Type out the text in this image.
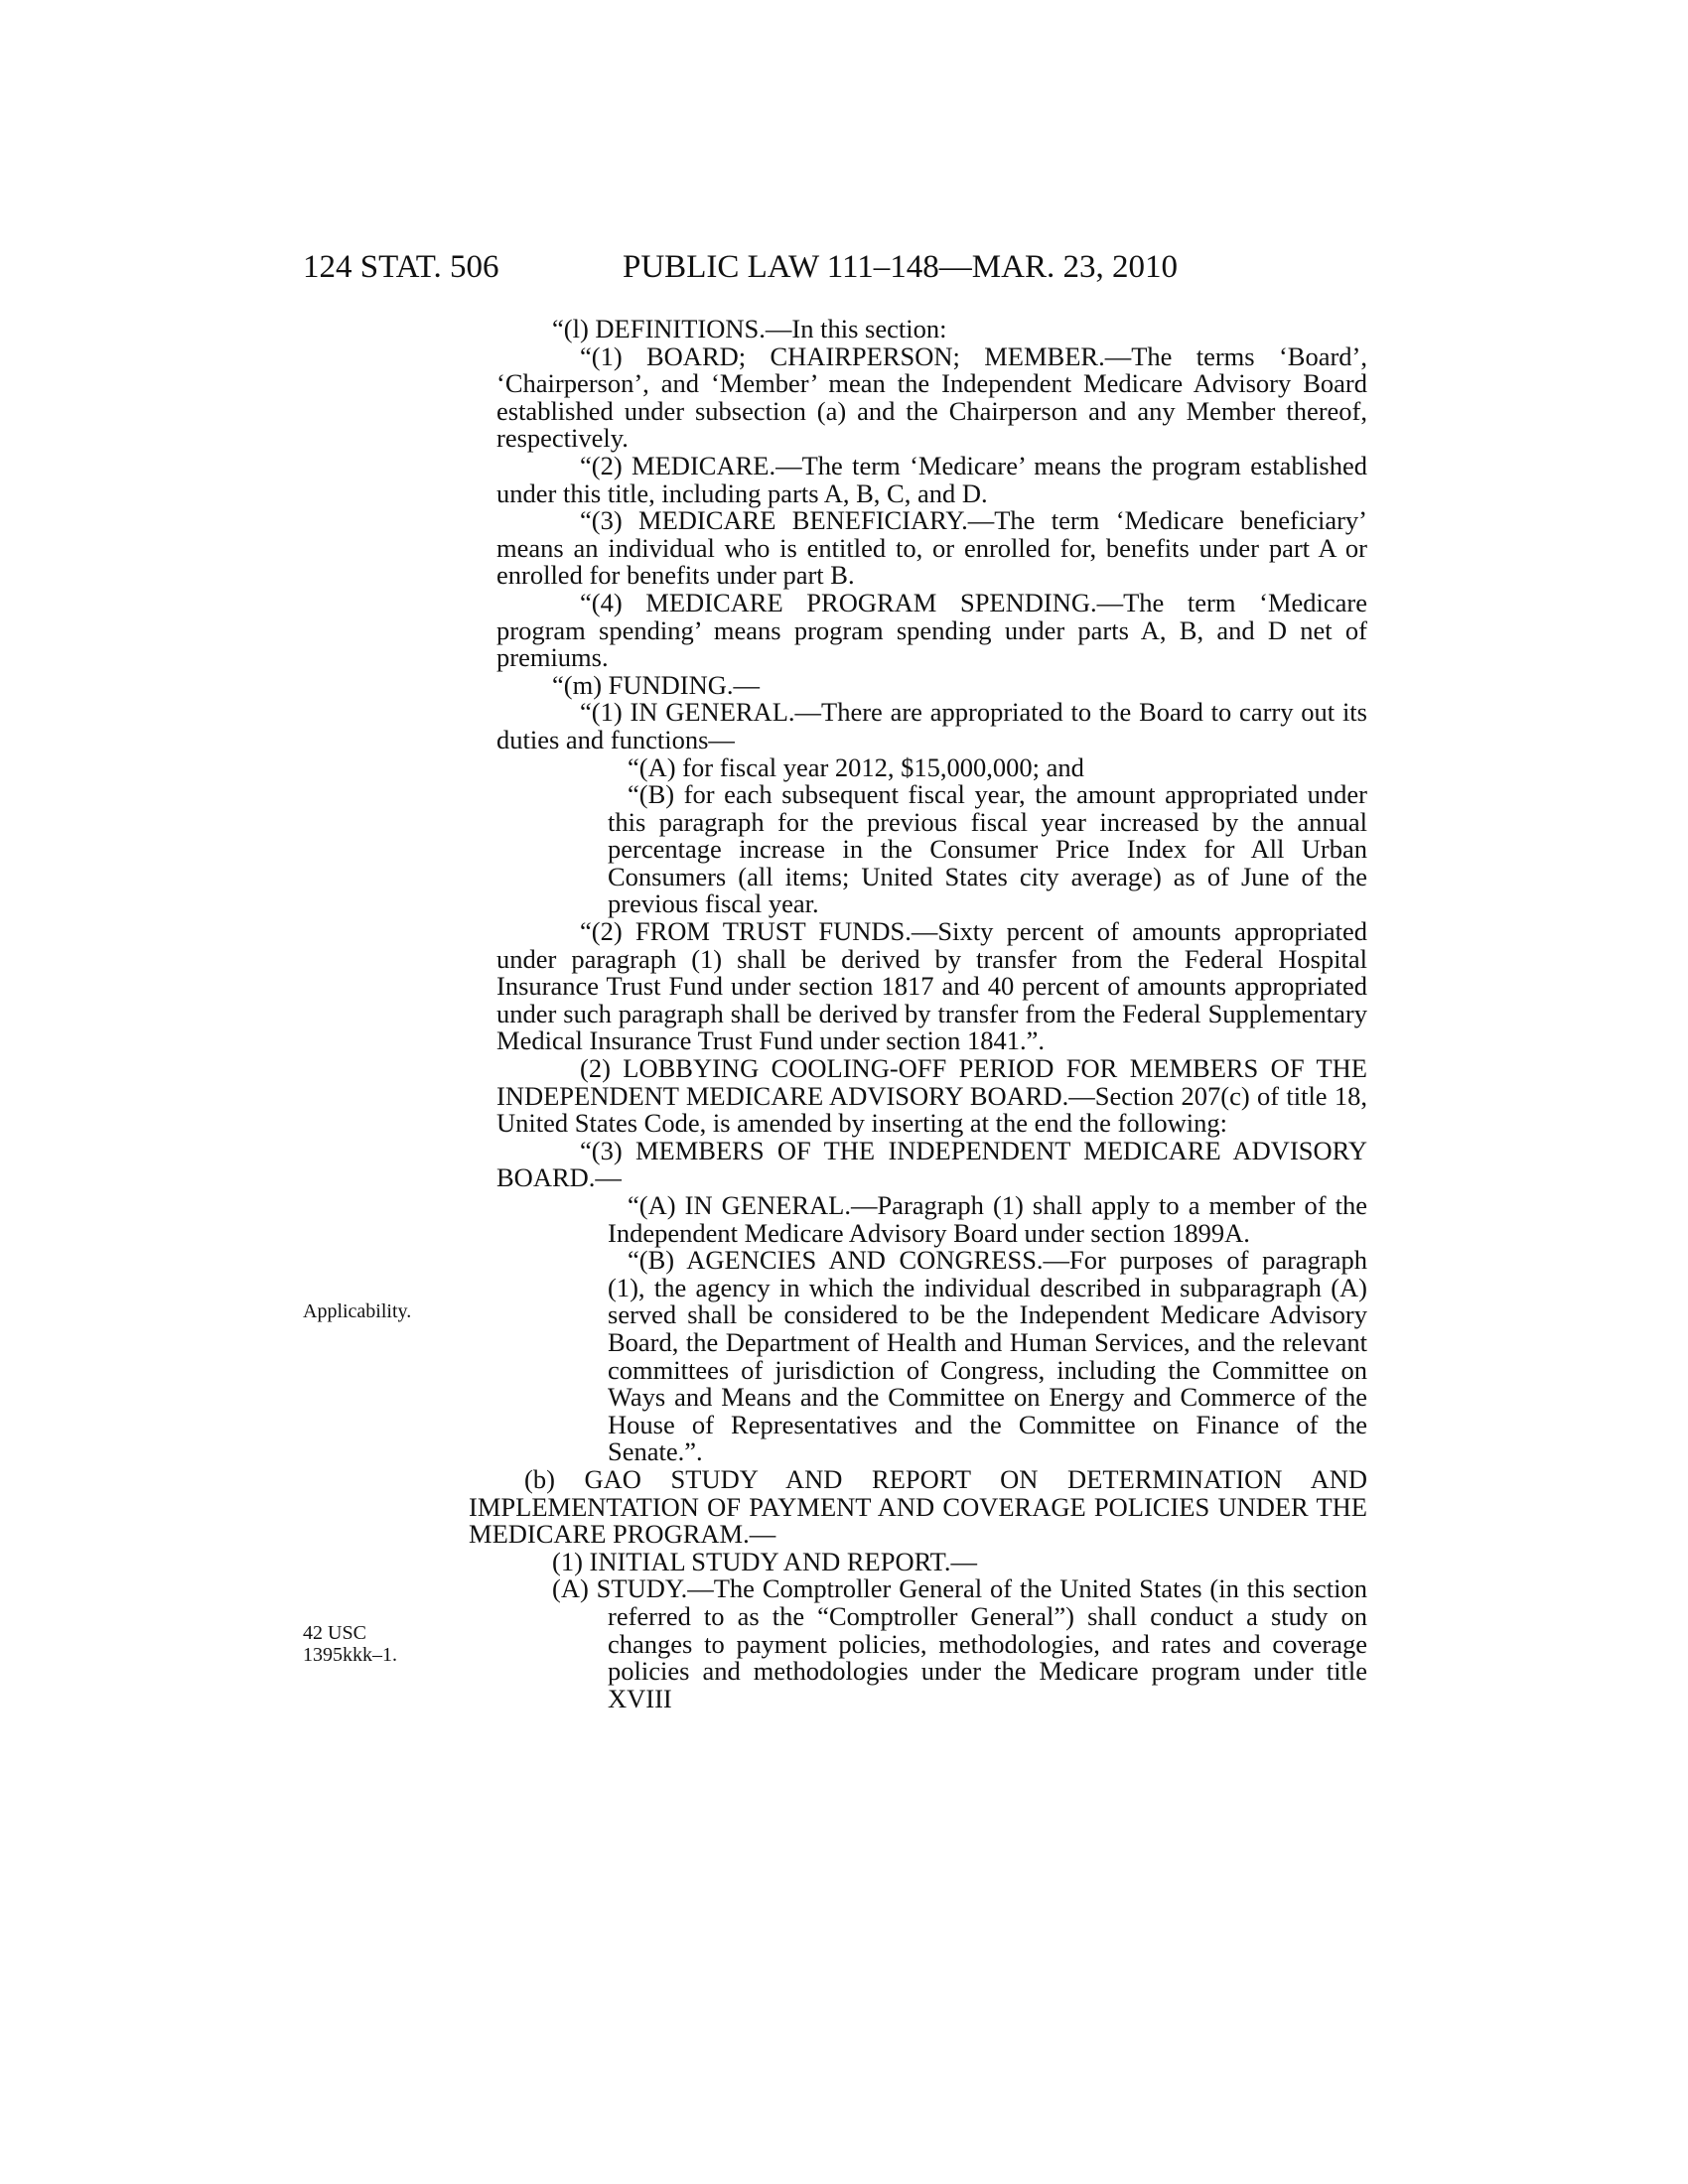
124 STAT. 506	PUBLIC LAW 111–148—MAR. 23, 2010
Applicability.
42 USC
1395kkk–1.

“(l) DEFINITIONS.—In this section:

“(1) BOARD; CHAIRPERSON; MEMBER.—The terms ‘Board’, ‘Chairperson’, and ‘Member’ mean the Independent Medicare Advisory Board established under subsection (a) and the Chairperson and any Member thereof, respectively.

“(2) MEDICARE.—The term ‘Medicare’ means the program established under this title, including parts A, B, C, and D.

“(3) MEDICARE BENEFICIARY.—The term ‘Medicare beneficiary’ means an individual who is entitled to, or enrolled for, benefits under part A or enrolled for benefits under part B.

“(4) MEDICARE PROGRAM SPENDING.—The term ‘Medicare program spending’ means program spending under parts A, B, and D net of premiums.

“(m) FUNDING.—

“(1) IN GENERAL.—There are appropriated to the Board to carry out its duties and functions—

“(A) for fiscal year 2012, $15,000,000; and

“(B) for each subsequent fiscal year, the amount appropriated under this paragraph for the previous fiscal year increased by the annual percentage increase in the Consumer Price Index for All Urban Consumers (all items; United States city average) as of June of the previous fiscal year.

“(2) FROM TRUST FUNDS.—Sixty percent of amounts appropriated under paragraph (1) shall be derived by transfer from the Federal Hospital Insurance Trust Fund under section 1817 and 40 percent of amounts appropriated under such paragraph shall be derived by transfer from the Federal Supplementary Medical Insurance Trust Fund under section 1841.”.

(2) LOBBYING COOLING-OFF PERIOD FOR MEMBERS OF THE INDEPENDENT MEDICARE ADVISORY BOARD.—Section 207(c) of title 18, United States Code, is amended by inserting at the end the following:

“(3) MEMBERS OF THE INDEPENDENT MEDICARE ADVISORY BOARD.—

“(A) IN GENERAL.—Paragraph (1) shall apply to a member of the Independent Medicare Advisory Board under section 1899A.

“(B) AGENCIES AND CONGRESS.—For purposes of paragraph (1), the agency in which the individual described in subparagraph (A) served shall be considered to be the Independent Medicare Advisory Board, the Department of Health and Human Services, and the relevant committees of jurisdiction of Congress, including the Committee on Ways and Means and the Committee on Energy and Commerce of the House of Representatives and the Committee on Finance of the Senate.”.

(b) GAO STUDY AND REPORT ON DETERMINATION AND IMPLEMENTATION OF PAYMENT AND COVERAGE POLICIES UNDER THE MEDICARE PROGRAM.—

(1) INITIAL STUDY AND REPORT.—

(A) STUDY.—The Comptroller General of the United States (in this section referred to as the “Comptroller General”) shall conduct a study on changes to payment policies, methodologies, and rates and coverage policies and methodologies under the Medicare program under title XVIII
